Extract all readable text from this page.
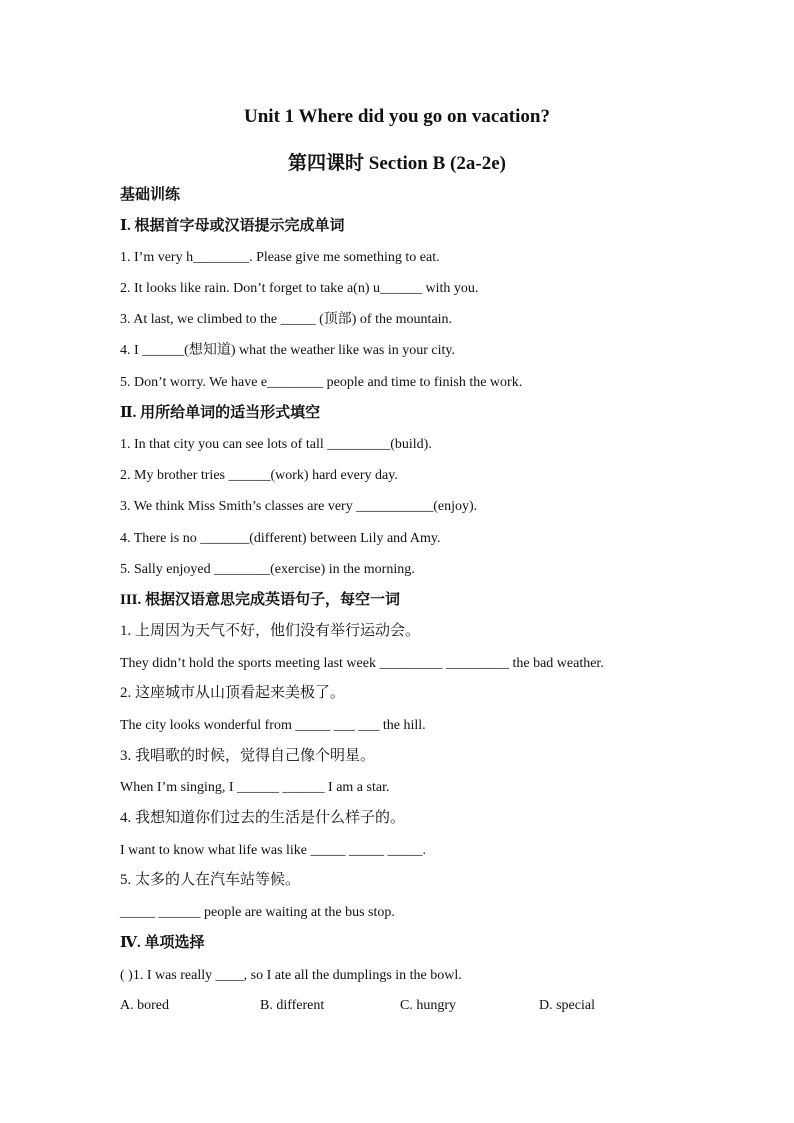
Unit 1 Where did you go on vacation?
第四课时 Section B (2a-2e)
基础训练
Ⅰ. 根据首字母或汉语提示完成单词
1. I’m very h________. Please give me something to eat.
2. It looks like rain. Don’t forget to take a(n) u______ with you.
3. At last, we climbed to the _____ (顶部) of the mountain.
4. I ______(想知道) what the weather like was in your city.
5. Don’t worry. We have e________ people and time to finish the work.
Ⅱ. 用所给单词的适当形式填空
1. In that city you can see lots of tall _________(build).
2. My brother tries ______(work) hard every day.
3. We think Miss Smith’s classes are very ___________(enjoy).
4. There is no _______(different) between Lily and Amy.
5. Sally enjoyed ________(exercise) in the morning.
III. 根据汉语意思完成英语句子，每空一词
1. 上周因为天气不好，他们没有举行运动会。
They didn’t hold the sports meeting last week _________ _________ the bad weather.
2. 这座城市从山顶看起来美极了。
The city looks wonderful from _____ ___ ___ the hill.
3. 我唱歌的时候，觉得自己像个明星。
When I’m singing, I ______ ______ I am a star.
4. 我想知道你们过去的生活是什么样子的。
I want to know what life was like _____ _____ _____.
5. 太多的人在汽车站等候。
_____ ______ people are waiting at the bus stop.
Ⅳ. 单项选择
( )1. I was really ____, so I ate all the dumplings in the bowl.
A. bored	B. different	C. hungry	D. special
